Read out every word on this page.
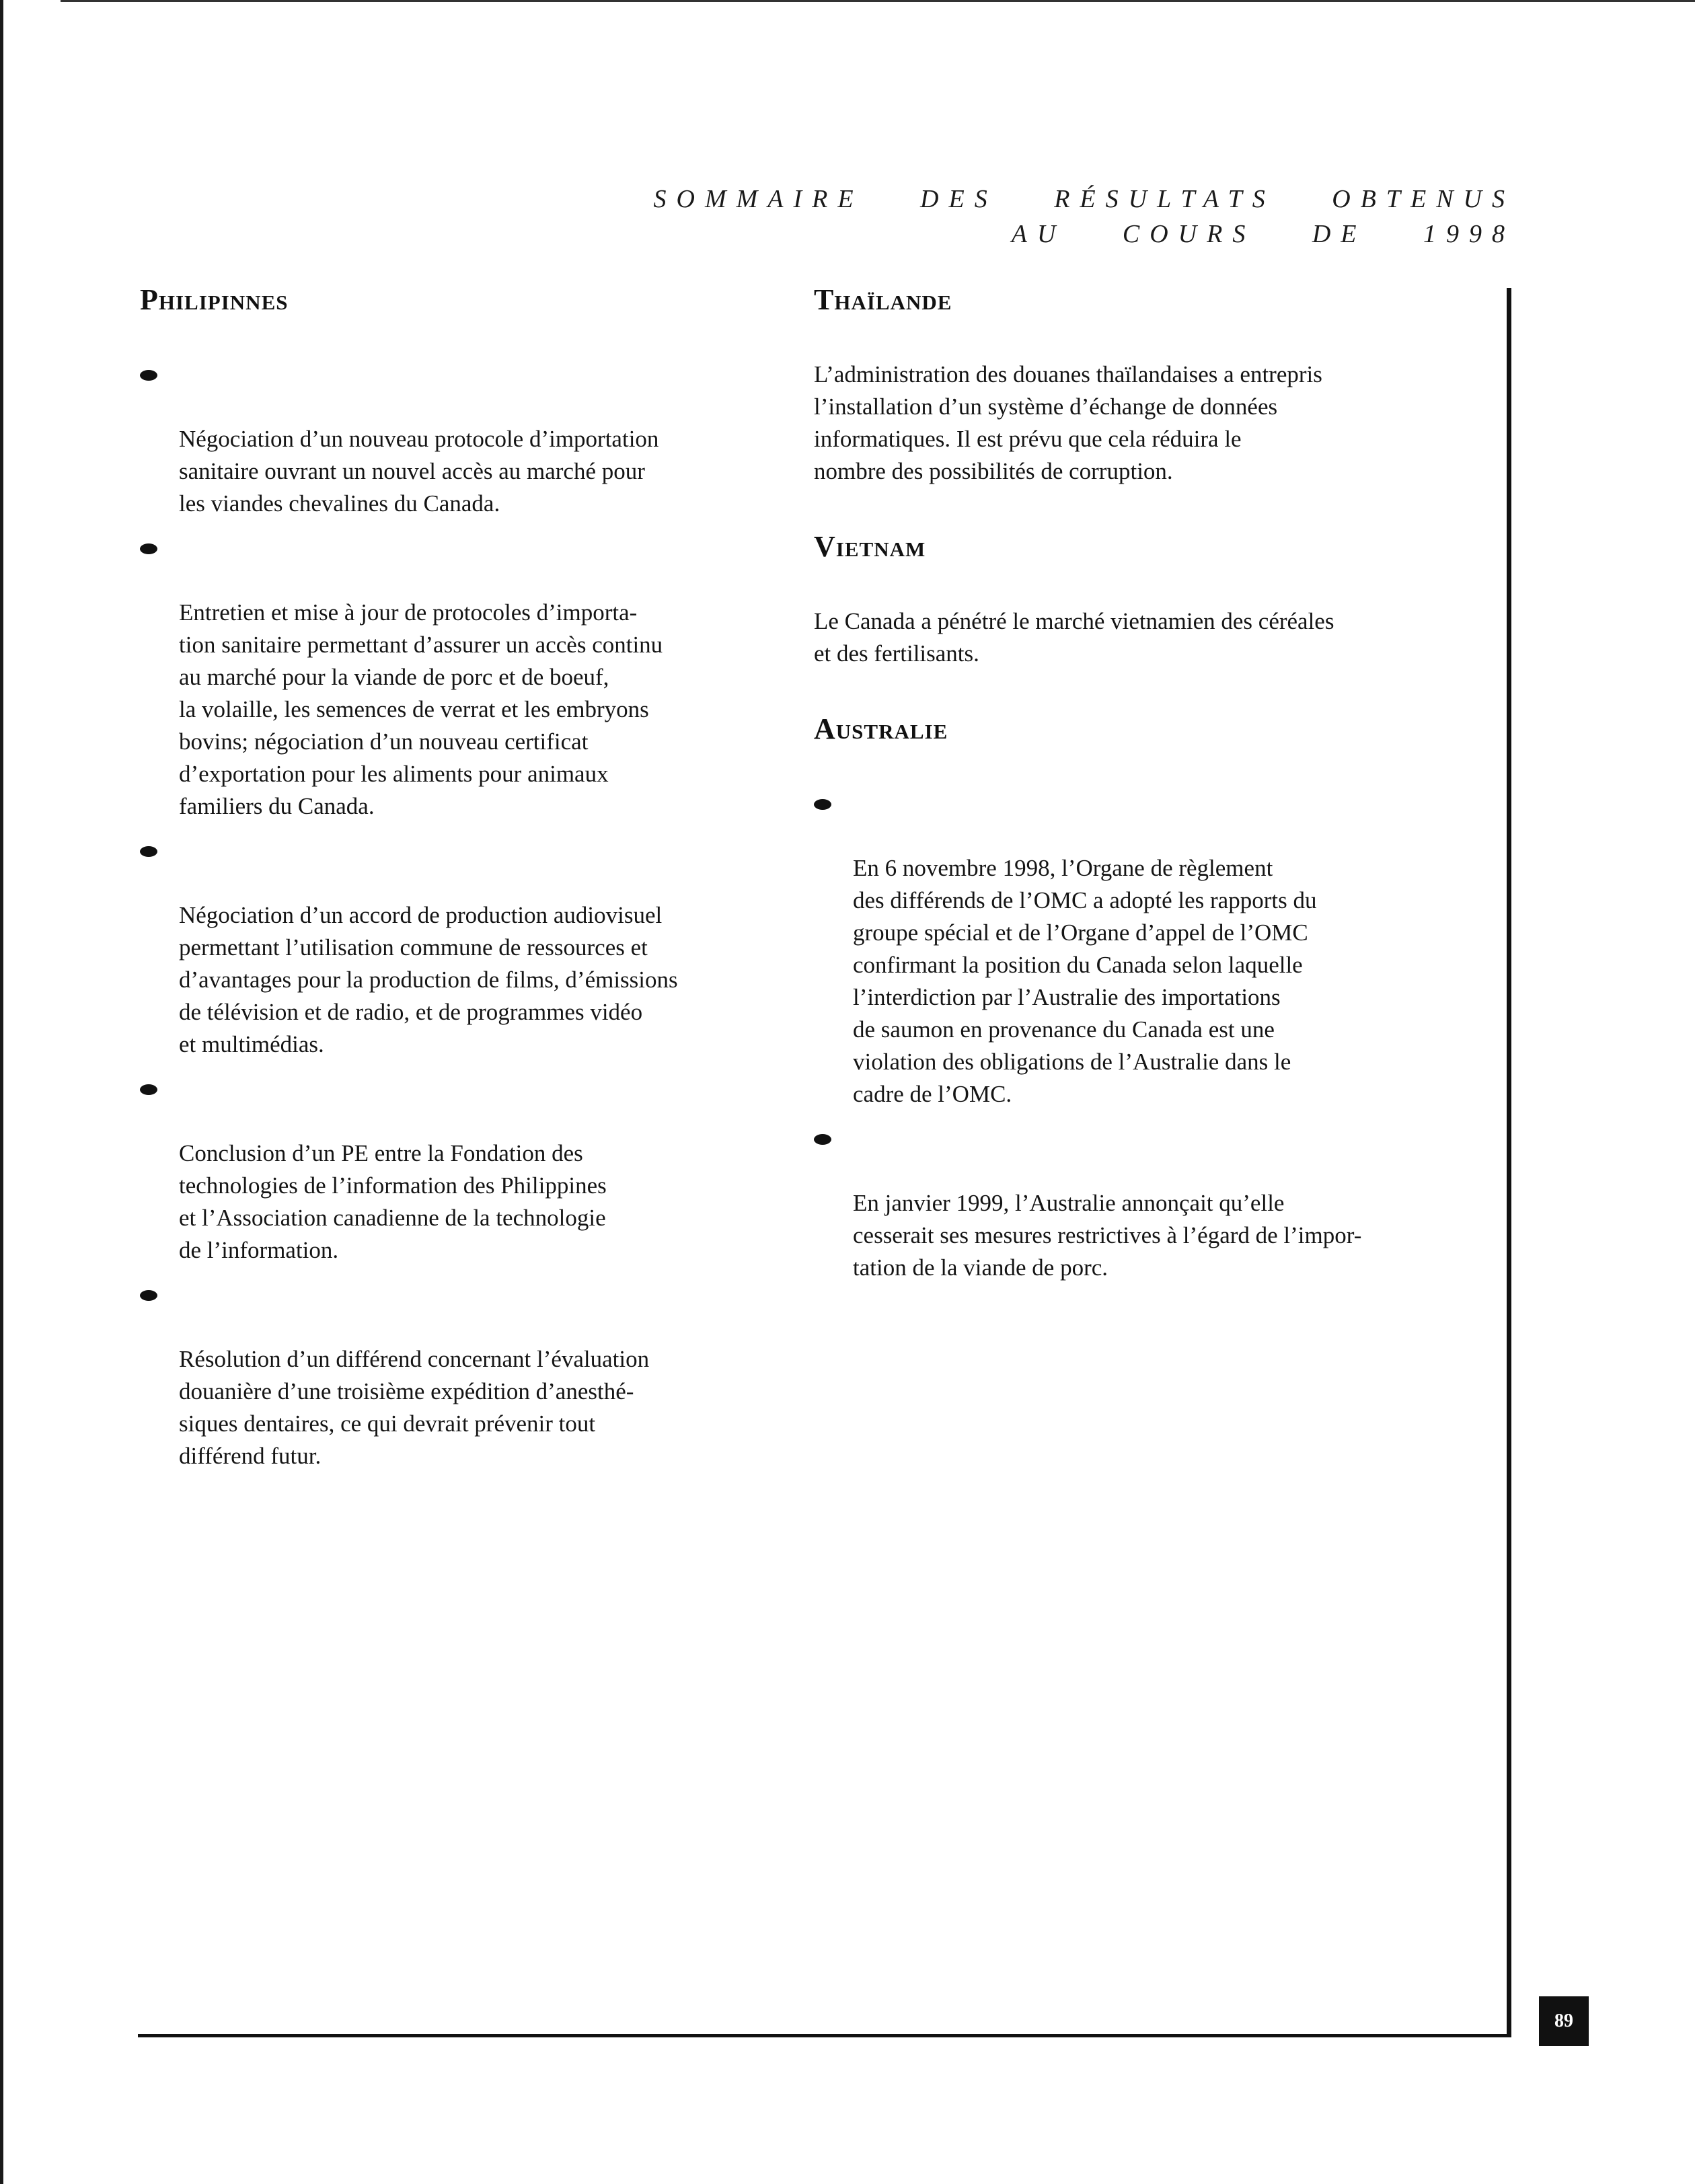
SOMMAIRE DES RÉSULTATS OBTENUS
AU COURS DE 1998
Philipinnes

Négociation d’un nouveau protocole d’importation
sanitaire ouvrant un nouvel accès au marché pour
les viandes chevalines du Canada.

Entretien et mise à jour de protocoles d’importa-
tion sanitaire permettant d’assurer un accès continu
au marché pour la viande de porc et de boeuf,
la volaille, les semences de verrat et les embryons
bovins; négociation d’un nouveau certificat
d’exportation pour les aliments pour animaux
familiers du Canada.

Négociation d’un accord de production audiovisuel
permettant l’utilisation commune de ressources et
d’avantages pour la production de films, d’émissions
de télévision et de radio, et de programmes vidéo
et multimédias.

Conclusion d’un PE entre la Fondation des
technologies de l’information des Philippines
et l’Association canadienne de la technologie
de l’information.

Résolution d’un différend concernant l’évaluation
douanière d’une troisième expédition d’anesthé-
siques dentaires, ce qui devrait prévenir tout
différend futur.

Thaïlande

L’administration des douanes thaïlandaises a entrepris
l’installation d’un système d’échange de données
informatiques. Il est prévu que cela réduira le
nombre des possibilités de corruption.

Vietnam

Le Canada a pénétré le marché vietnamien des céréales
et des fertilisants.

Australie

En 6 novembre 1998, l’Organe de règlement
des différends de l’OMC a adopté les rapports du
groupe spécial et de l’Organe d’appel de l’OMC
confirmant la position du Canada selon laquelle
l’interdiction par l’Australie des importations
de saumon en provenance du Canada est une
violation des obligations de l’Australie dans le
cadre de l’OMC.

En janvier 1999, l’Australie annonçait qu’elle
cesserait ses mesures restrictives à l’égard de l’impor-
tation de la viande de porc.

89
